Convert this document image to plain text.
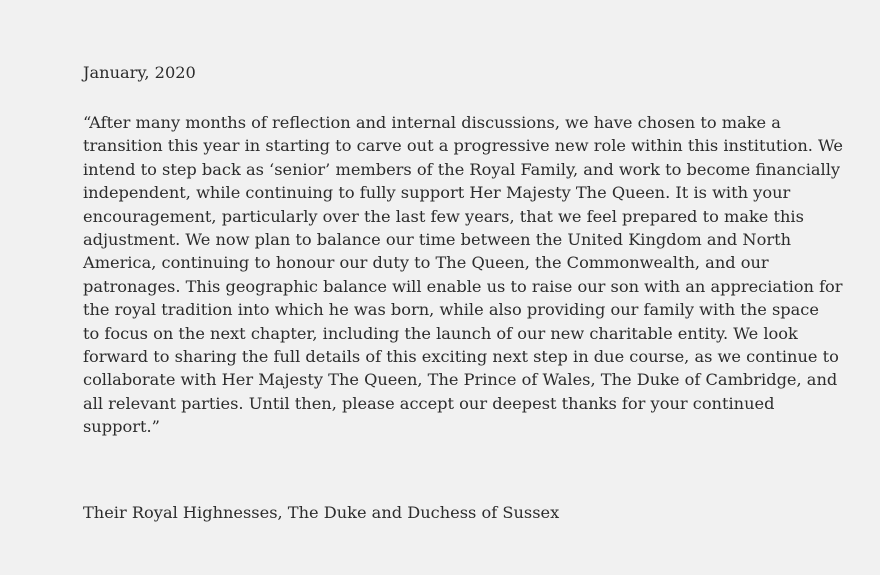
January, 2020

“After many months of reflection and internal discussions, we have chosen to make a
transition this year in starting to carve out a progressive new role within this institution. We
intend to step back as ‘senior’ members of the Royal Family, and work to become financially
independent, while continuing to fully support Her Majesty The Queen. It is with your
encouragement, particularly over the last few years, that we feel prepared to make this
adjustment. We now plan to balance our time between the United Kingdom and North
America, continuing to honour our duty to The Queen, the Commonwealth, and our
patronages. This geographic balance will enable us to raise our son with an appreciation for
the royal tradition into which he was born, while also providing our family with the space
to focus on the next chapter, including the launch of our new charitable entity. We look
forward to sharing the full details of this exciting next step in due course, as we continue to
collaborate with Her Majesty The Queen, The Prince of Wales, The Duke of Cambridge, and
all relevant parties. Until then, please accept our deepest thanks for your continued
support.”

Their Royal Highnesses, The Duke and Duchess of Sussex
